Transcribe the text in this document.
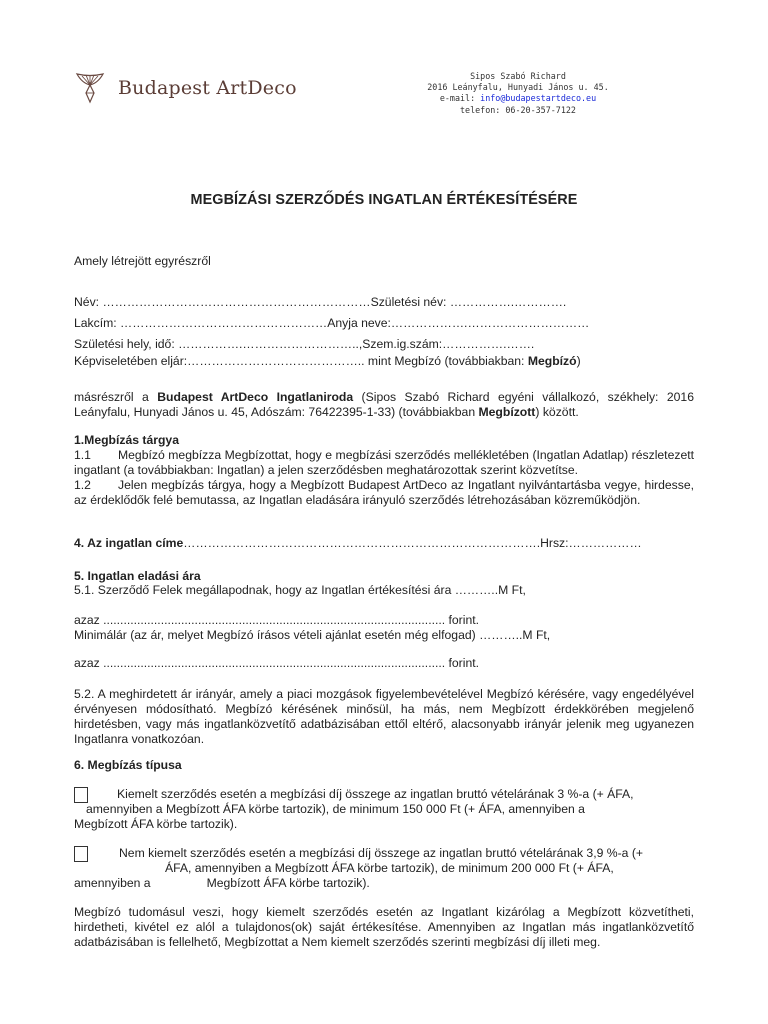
Budapest ArtDeco
Sipos Szabó Richard
2016 Leányfalu, Hunyadi János u. 45.
e-mail: info@budapestartdeco.eu
telefon: 06-20-357-7122
MEGBÍZÁSI SZERZŐDÉS INGATLAN ÉRTÉKESÍTÉSÉRE
Amely létrejött egyrészről
Név: …………………………………………………………Születési név: …………….………….
Lakcím: ……………………………………………Anyja neve:……………….…………………………
Születési hely, idő: …………….………………………..,Szem.ig.szám:…………….…….
Képviseletében eljár:…………………………………….. mint Megbízó (továbbiakban: Megbízó)
másrészről a Budapest ArtDeco Ingatlaniroda (Sipos Szabó Richard egyéni vállalkozó, székhely: 2016 Leányfalu, Hunyadi János u. 45, Adószám: 76422395-1-33) (továbbiakban Megbízott) között.
1.Megbízás tárgya
1.1 Megbízó megbízza Megbízottat, hogy e megbízási szerződés mellékletében (Ingatlan Adatlap) részletezett ingatlant (a továbbiakban: Ingatlan) a jelen szerződésben meghatározottak szerint közvetítse.
1.2 Jelen megbízás tárgya, hogy a Megbízott Budapest ArtDeco az Ingatlant nyilvántartásba vegye, hirdesse, az érdeklődők felé bemutassa, az Ingatlan eladására irányuló szerződés létrehozásában közreműködjön.
4. Az ingatlan címe…………………………………………………………………………….Hrsz:………………
5. Ingatlan eladási ára
5.1. Szerződő Felek megállapodnak, hogy az Ingatlan értékesítési ára ………..M Ft,
azaz ..................................................................................................... forint.
Minimálár (az ár, melyet Megbízó írásos vételi ajánlat esetén még elfogad) ………..M Ft,
azaz ..................................................................................................... forint.
5.2. A meghirdetett ár irányár, amely a piaci mozgások figyelembevételével Megbízó kérésére, vagy engedélyével érvényesen módosítható. Megbízó kérésének minősül, ha más, nem Megbízott érdekkörében megjelenő hirdetésben, vagy más ingatlanközvetítő adatbázisában ettől eltérő, alacsonyabb irányár jelenik meg ugyanezen Ingatlanra vonatkozóan.
6. Megbízás típusa
Kiemelt szerződés esetén a megbízási díj összege az ingatlan bruttó vételárának 3 %-a (+ ÁFA,
amennyiben a Megbízott ÁFA körbe tartozik), de minimum 150 000 Ft (+ ÁFA, amennyiben a
Megbízott ÁFA körbe tartozik).
Nem kiemelt szerződés esetén a megbízási díj összege az ingatlan bruttó vételárának 3,9 %-a (+
ÁFA, amennyiben a Megbízott ÁFA körbe tartozik), de minimum 200 000 Ft (+ ÁFA,
amennyiben a	Megbízott ÁFA körbe tartozik).
Megbízó tudomásul veszi, hogy kiemelt szerződés esetén az Ingatlant kizárólag a Megbízott közvetítheti, hirdetheti, kivétel ez alól a tulajdonos(ok) saját értékesítése. Amennyiben az Ingatlan más ingatlanközvetítő adatbázisában is fellelhető, Megbízottat a Nem kiemelt szerződés szerinti megbízási díj illeti meg.
